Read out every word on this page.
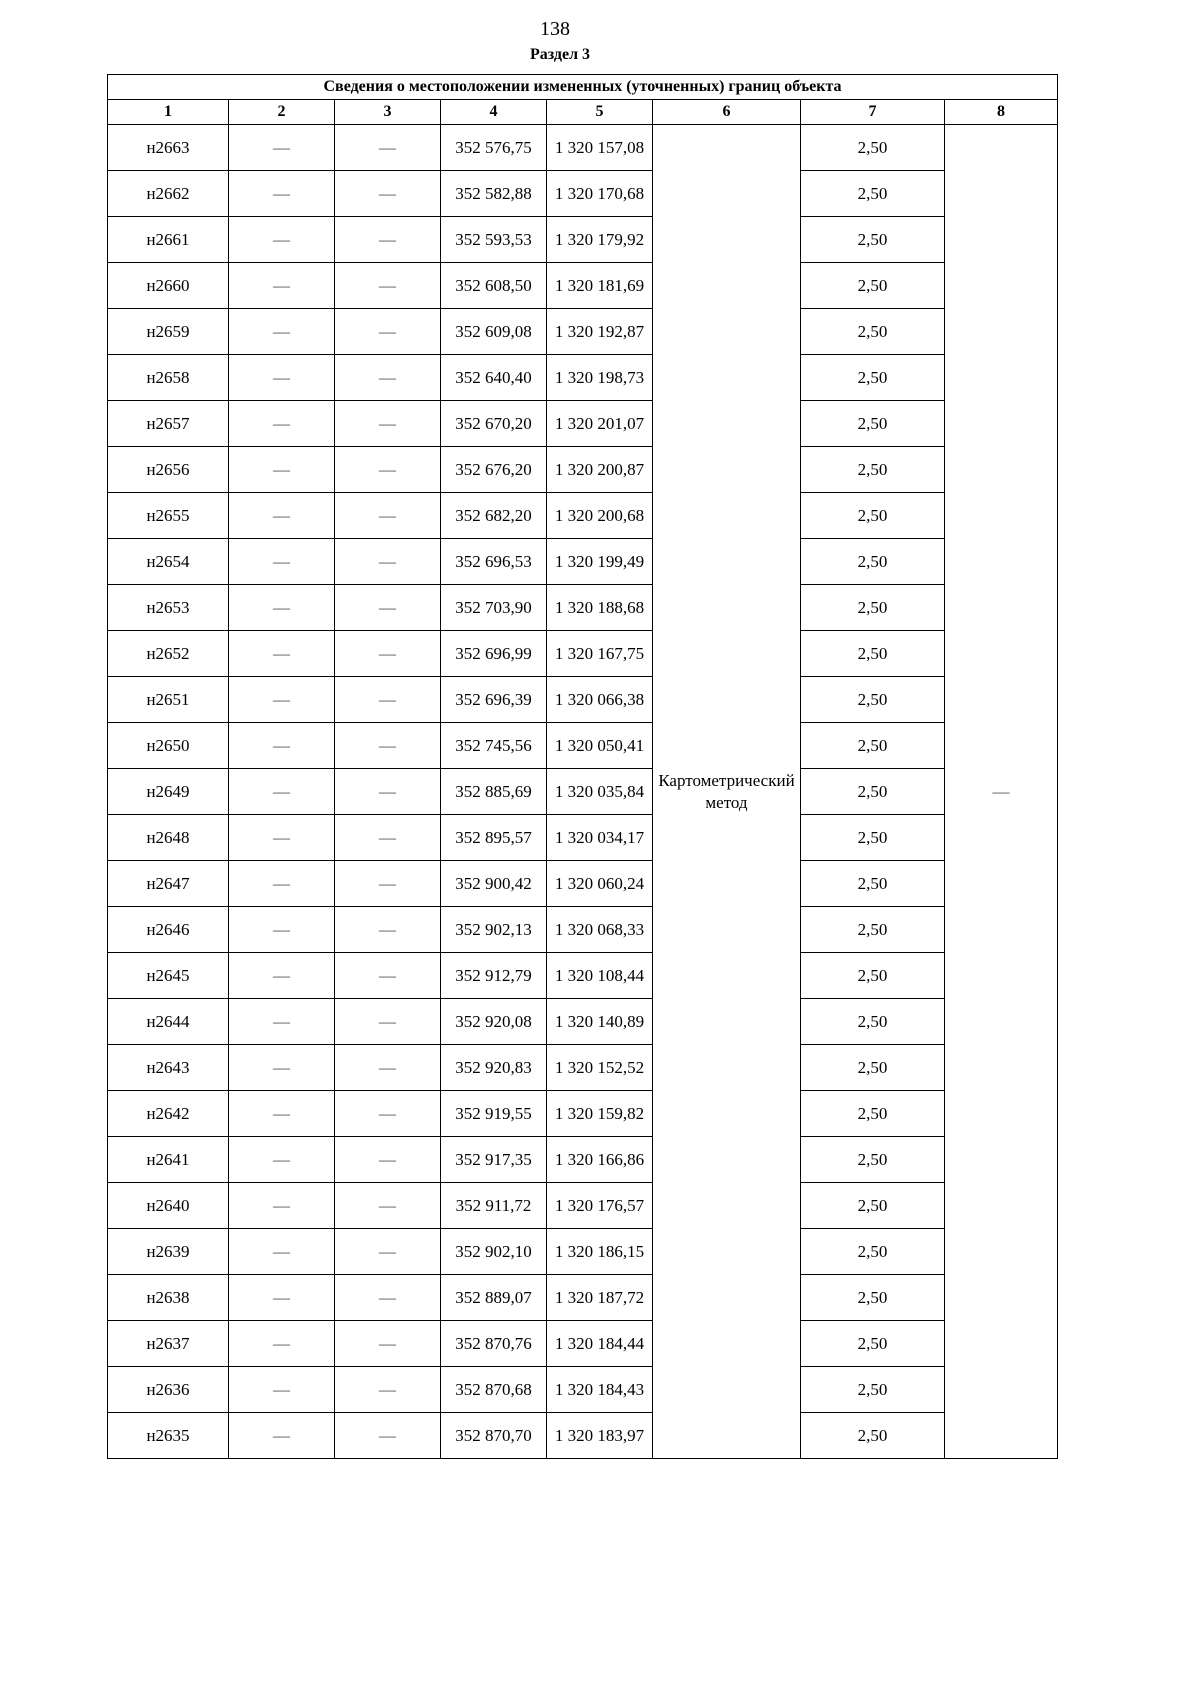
138
Раздел 3
Сведения о местоположении измененных (уточненных) границ объекта							
1	2	3	4	5	6	7	8
н2663	—	—	352 576,75	1 320 157,08	Картометрический метод	2,50	—
н2662	—	—	352 582,88	1 320 170,68		2,50	
н2661	—	—	352 593,53	1 320 179,92		2,50	
н2660	—	—	352 608,50	1 320 181,69		2,50	
н2659	—	—	352 609,08	1 320 192,87		2,50	
н2658	—	—	352 640,40	1 320 198,73		2,50	
н2657	—	—	352 670,20	1 320 201,07		2,50	
н2656	—	—	352 676,20	1 320 200,87		2,50	
н2655	—	—	352 682,20	1 320 200,68		2,50	
н2654	—	—	352 696,53	1 320 199,49		2,50	
н2653	—	—	352 703,90	1 320 188,68		2,50	
н2652	—	—	352 696,99	1 320 167,75		2,50	
н2651	—	—	352 696,39	1 320 066,38		2,50	
н2650	—	—	352 745,56	1 320 050,41		2,50	
н2649	—	—	352 885,69	1 320 035,84		2,50	
н2648	—	—	352 895,57	1 320 034,17		2,50	
н2647	—	—	352 900,42	1 320 060,24		2,50	
н2646	—	—	352 902,13	1 320 068,33		2,50	
н2645	—	—	352 912,79	1 320 108,44		2,50	
н2644	—	—	352 920,08	1 320 140,89		2,50	
н2643	—	—	352 920,83	1 320 152,52		2,50	
н2642	—	—	352 919,55	1 320 159,82		2,50	
н2641	—	—	352 917,35	1 320 166,86		2,50	
н2640	—	—	352 911,72	1 320 176,57		2,50	
н2639	—	—	352 902,10	1 320 186,15		2,50	
н2638	—	—	352 889,07	1 320 187,72		2,50	
н2637	—	—	352 870,76	1 320 184,44		2,50	
н2636	—	—	352 870,68	1 320 184,43		2,50	
н2635	—	—	352 870,70	1 320 183,97		2,50	
